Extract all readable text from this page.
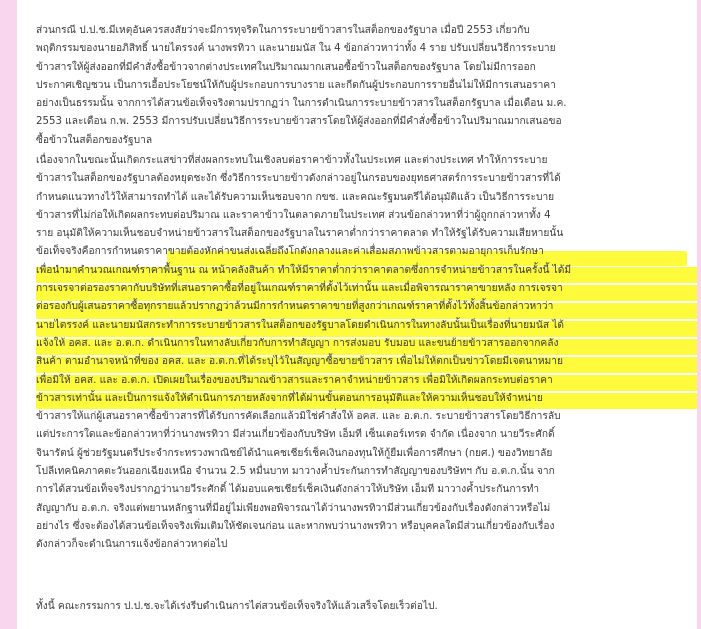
ส่วนกรณี ป.ป.ช.มีเหตุอันควรสงสัยว่าจะมีการทุจริตในการระบายข้าวสารในสต็อกของรัฐบาล เมื่อปี 2553 เกี่ยวกับ
พฤติกรรมของนายอภิสิทธิ์ นายไตรรงค์ นางพรทิวา และนายมนัส ใน 4 ข้อกล่าวหาว่าทั้ง 4 ราย ปรับเปลี่ยนวิธีการระบาย
ข้าวสารให้ผู้ส่งออกที่มีคำสั่งซื้อข้าวจากต่างประเทศในปริมาณมากเสนอซื้อข้าวในสต็อกของรัฐบาล โดยไม่มีการออก
ประกาศเชิญชวน เป็นการเอื้อประโยชน์ให้กับผู้ประกอบการบางราย และกีดกันผู้ประกอบการรายอื่นไม่ให้มีการเสนอราคา
อย่างเป็นธรรมนั้น จากการได้สวนข้อเท็จจริงตามปรากฏว่า ในการดำเนินการระบายข้าวสารในสต็อกรัฐบาล เมื่อเดือน ม.ค.
2553 และเดือน ก.พ. 2553 มีการปรับเปลี่ยนวิธีการระบายข้าวสารโดยให้ผู้ส่งออกที่มีคำสั่งซื้อข้าวในปริมาณมากเสนอขอ
ซื้อข้าวในสต็อกของรัฐบาล
เนื่องจากในขณะนั้นเกิดกระแสข่าวที่ส่งผลกระทบในเชิงลบต่อราคาข้าวทั้งในประเทศ และต่างประเทศ ทำให้การระบาย
ข้าวสารในสต็อกของรัฐบาลต้องหยุดชะงัก ซึ่งวิธีการระบายข้าวดังกล่าวอยู่ในกรอบของยุทธศาสตร์การระบายข้าวสารที่ได้
กำหนดแนวทางไว้ให้สามารถทำได้ และได้รับความเห็นชอบจาก กขช. และคณะรัฐมนตรีได้อนุมัติแล้ว เป็นวิธีการระบาย
ข้าวสารที่ไม่ก่อให้เกิดผลกระทบต่อปริมาณ และราคาข้าวในตลาดภายในประเทศ ส่วนข้อกล่าวหาที่ว่าผู้ถูกกล่าวหาทั้ง 4
ราย อนุมัติให้ความเห็นชอบจำหน่ายข้าวสารในสต็อกของรัฐบาลในราคาต่ำกว่าราคาตลาด ทำให้รัฐได้รับความเสียหายนั้น
ข้อเท็จจริงคือการกำหนดราคาขายต้องหักค่าขนส่งเฉลี่ยถึงโกดังกลางและค่าเสื่อมสภาพข้าวสารตามอายุการเก็บรักษา
เพื่อนำมาคำนวณเกณฑ์ราคาพื้นฐาน ณ หน้าคลังสินค้า ทำให้มีราคาต่ำกว่าราคาตลาดซึ่งการจำหน่ายข้าวสารในครั้งนี้ ได้มี
การเจรจาต่อรองราคากับบริษัทที่เสนอราคาซื้อที่อยู่ในเกณฑ์ราคาที่ตั้งไว้เท่านั้น และเมื่อพิจารณาราคาขายหลัง การเจรจา
ต่อรองกับผู้เสนอราคาซื้อทุกรายแล้วปรากฏว่าล้วนมีการกำหนดราคาขายที่สูงกว่าเกณฑ์ราคาที่ตั้งไว้ทั้งสิ้นข้อกล่าวหาว่า
นายไตรรงค์ และนายมนัสกระทำการระบายข้าวสารในสต็อกของรัฐบาลโดยดำเนินการในทางลับนั้นเป็นเรื่องที่นายมนัส ได้
แจ้งให้ อคส. และ อ.ต.ก. ดำเนินการในทางลับเกี่ยวกับการทำสัญญา การส่งมอบ รับมอบ และขนย้ายข้าวสารออกจากคลัง
สินค้า ตามอำนาจหน้าที่ของ อคส. และ อ.ต.ก.ที่ได้ระบุไว้ในสัญญาซื้อขายข้าวสาร เพื่อไม่ให้ตกเป็นข่าวโดยมีเจตนาหมาย
เพื่อมิให้ อคส. และ อ.ต.ก. เปิดเผยในเรื่องของปริมาณข้าวสารและราคาจำหน่ายข้าวสาร เพื่อมิให้เกิดผลกระทบต่อราคา
ข้าวสารเท่านั้น และเป็นการแจ้งให้ดำเนินการภายหลังจากที่ได้ผ่านขั้นตอนการอนุมัติและให้ความเห็นชอบให้จำหน่าย
ข้าวสารให้แก่ผู้เสนอราคาซื้อข้าวสารที่ได้รับการคัดเลือกแล้วมิใช่คำสั่งให้ อคส. และ อ.ต.ก. ระบายข้าวสารโดยวิธีการลับ
แต่ประการใดและข้อกล่าวหาที่ว่านางพรทิวา มีส่วนเกี่ยวข้องกับบริษัท เอ็มที เซ็นเตอร์เทรด จำกัด เนื่องจาก นายวีระศักดิ์
จินารัตน์ ผู้ช่วยรัฐมนตรีประจำกระทรวงพาณิชย์ได้นำแคชเชียร์เช็คเงินกองทุนให้กู้ยืมเพื่อการศึกษา (กยศ.) ของวิทยาลัย
โปลีเทคนิคภาคตะวันออกเฉียงเหนือ จำนวน 2.5 หมื่นบาท มาวางค้ำประกันการทำสัญญาของบริษัทฯ กับ อ.ต.ก.นั้น จาก
การได้สวนข้อเท็จจริงปรากฏว่านายวีระศักดิ์ ได้มอบแคชเชียร์เช็คเงินดังกล่าวให้บริษัท เอ็มที มาวางค้ำประกันการทำ
สัญญากับ อ.ต.ก. จริงแต่พยานหลักฐานที่มีอยู่ไม่เพียงพอพิจารณาได้ว่านางพรทิวามีส่วนเกี่ยวข้องกับเรื่องดังกล่าวหรือไม่
อย่างไร ซึ่งจะต้องได้สวนข้อเท็จจริงเพิ่มเติมให้ชัดเจนก่อน และหากพบว่านางพรทิวา หรือบุคคลใดมีส่วนเกี่ยวข้องกับเรื่อง
ดังกล่าวก็จะดำเนินการแจ้งข้อกล่าวหาต่อไป
ทั้งนี้ คณะกรรมการ ป.ป.ช.จะได้เร่งรีบดำเนินการไต่สวนข้อเท็จจริงให้แล้วเสร็จโดยเร็วต่อไป.
